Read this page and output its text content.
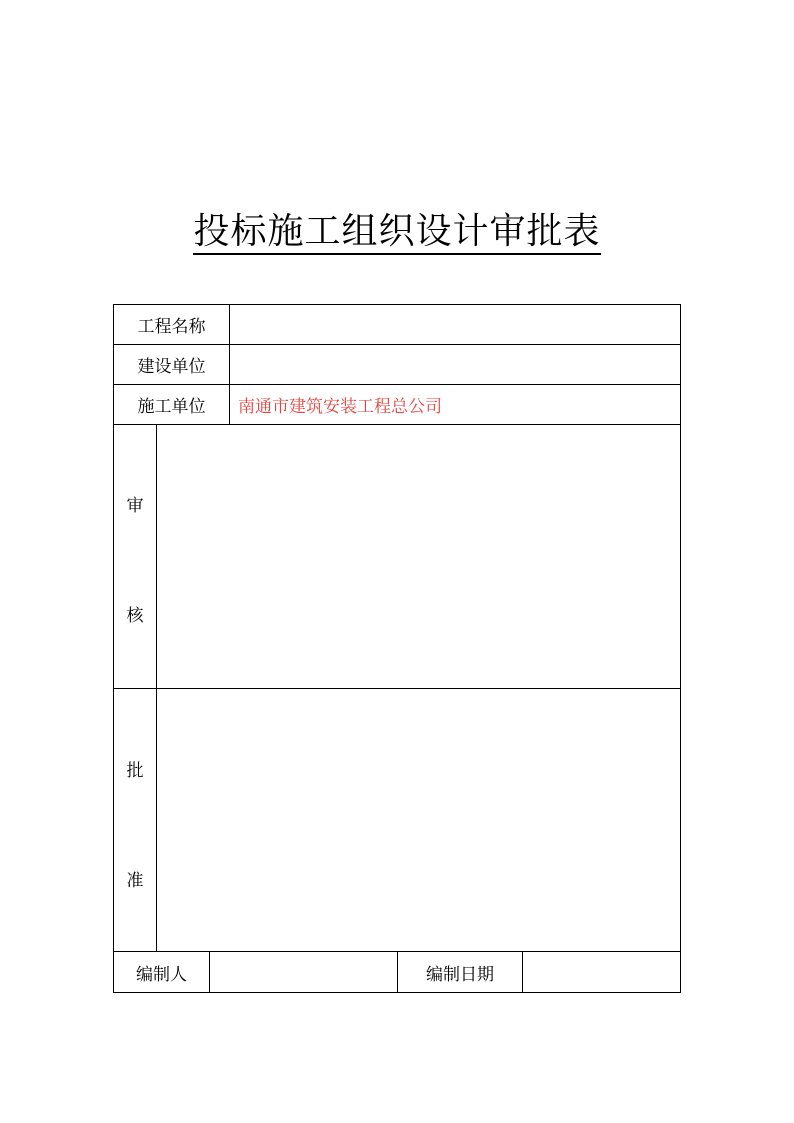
投标施工组织设计审批表
工程名称
建设单位
施工单位 南通市建筑安装工程总公司
审
核
批
准
编制人	编制日期
